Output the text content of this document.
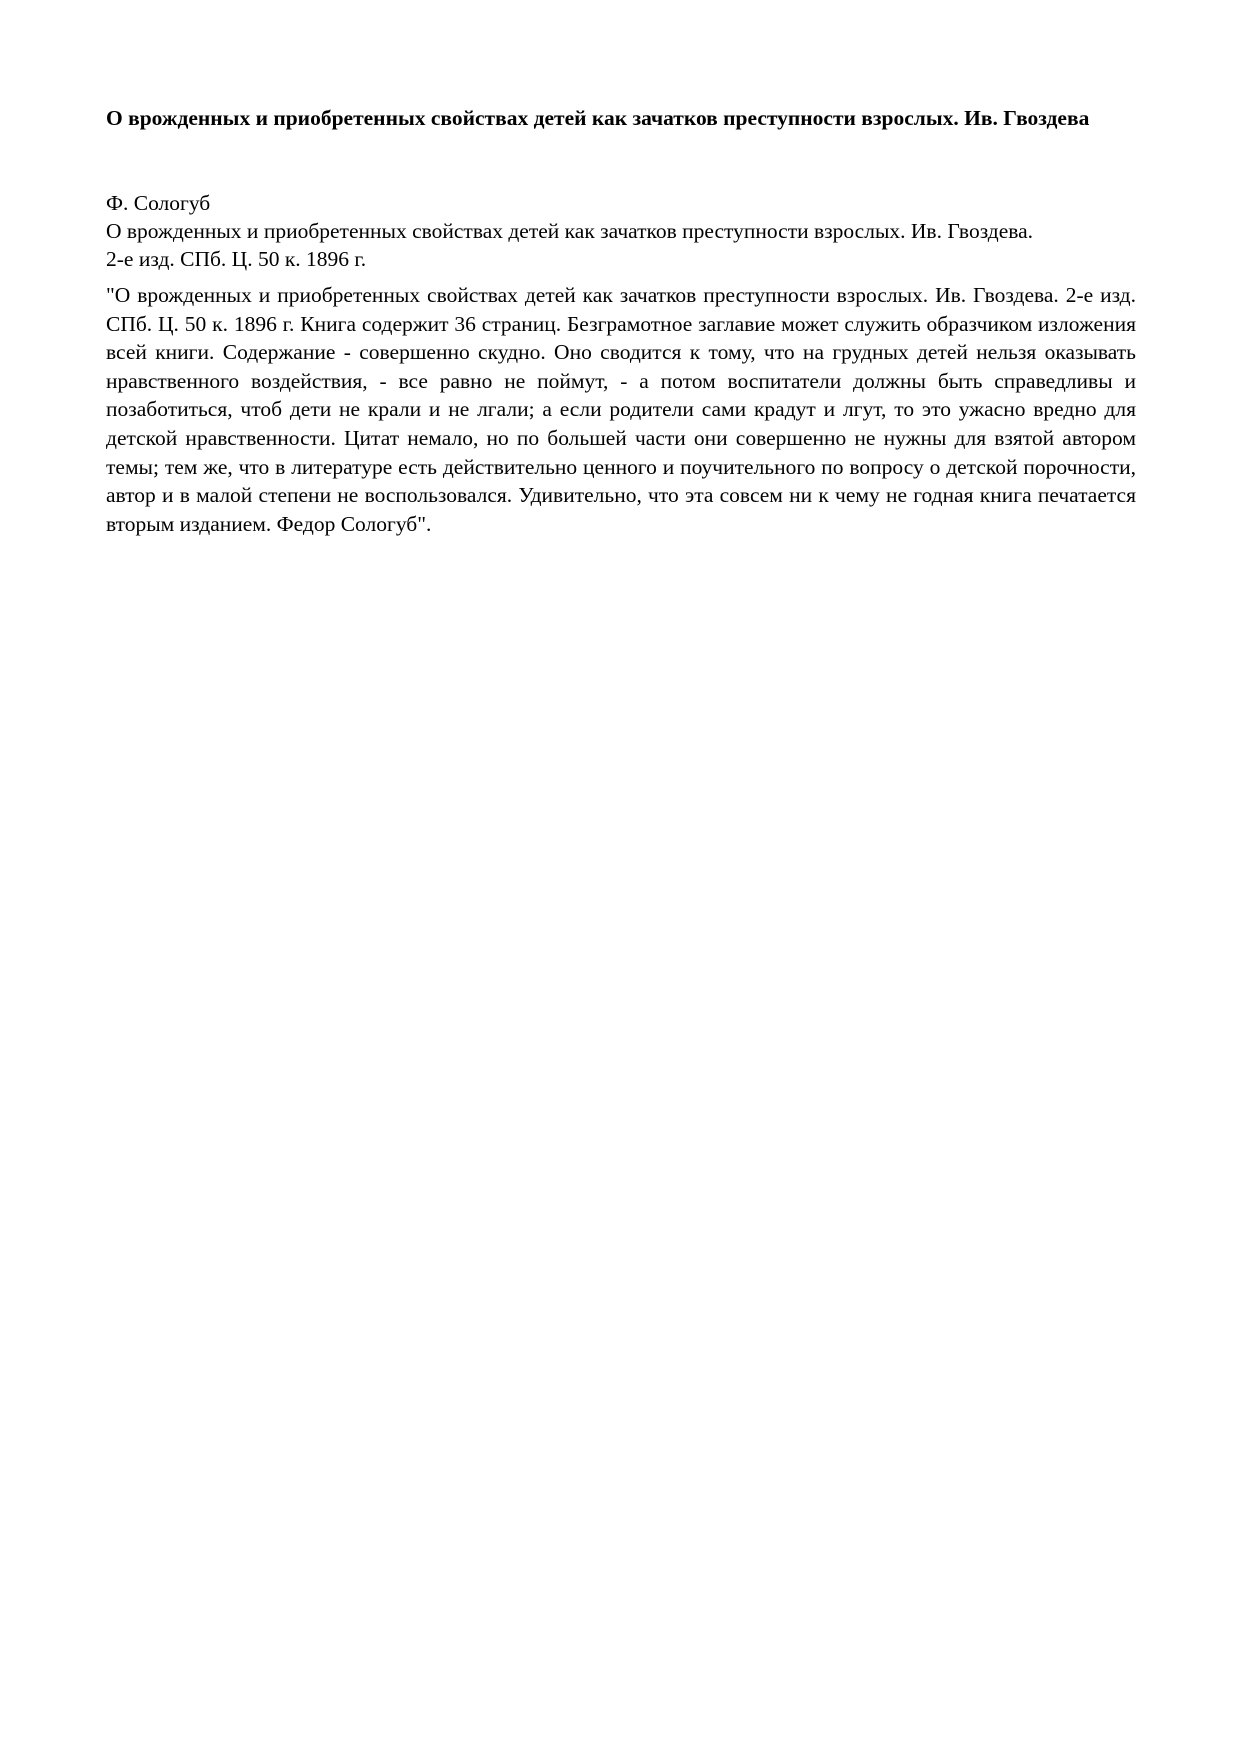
О врожденных и приобретенных свойствах детей как зачатков преступности взрослых. Ив. Гвоздева
Ф. Сологуб
О врожденных и приобретенных свойствах детей как зачатков преступности взрослых. Ив. Гвоздева.
2-е изд. СПб. Ц. 50 к. 1896 г.

"О врожденных и приобретенных свойствах детей как зачатков преступности взрослых. Ив. Гвоздева. 2-е изд. СПб. Ц. 50 к. 1896 г. Книга содержит 36 страниц. Безграмотное заглавие может служить образчиком изложения всей книги. Содержание - совершенно скудно. Оно сводится к тому, что на грудных детей нельзя оказывать нравственного воздействия, - все равно не поймут, - а потом воспитатели должны быть справедливы и позаботиться, чтоб дети не крали и не лгали; а если родители сами крадут и лгут, то это ужасно вредно для детской нравственности. Цитат немало, но по большей части они совершенно не нужны для взятой автором темы; тем же, что в литературе есть действительно ценного и поучительного по вопросу о детской порочности, автор и в малой степени не воспользовался. Удивительно, что эта совсем ни к чему не годная книга печатается вторым изданием. Федор Сологуб".
